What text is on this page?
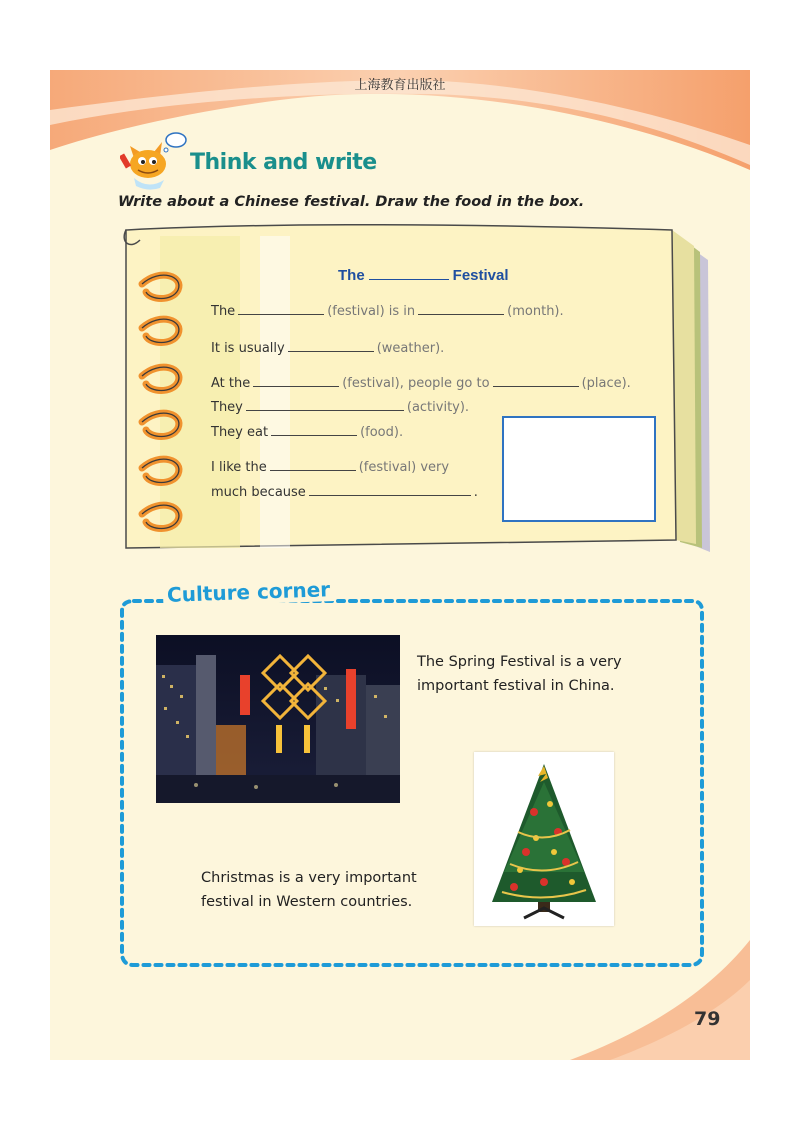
上海教育出版社
Think and write
Write about a Chinese festival. Draw the food in the box.
The	Festival
The	(festival) is in	(month).
It is usually	(weather).
At the	(festival), people go to	(place).
They	(activity).
They eat	(food).
I like the	(festival) very
much because	.
Culture corner
The Spring Festival is a very
important festival in China.
Christmas is a very important
festival in Western countries.
79
